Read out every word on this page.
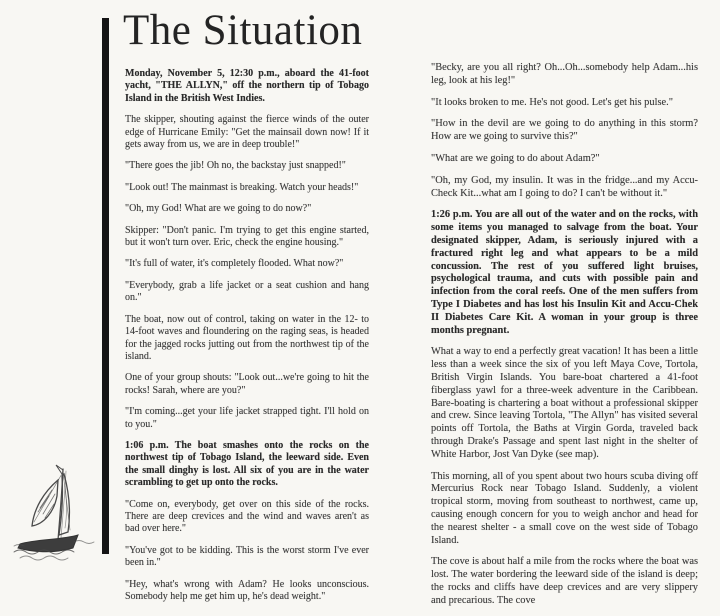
The Situation

Monday, November 5, 12:30 p.m., aboard the 41-foot yacht, "THE ALLYN," off the northern tip of Tobago Island in the British West Indies.

The skipper, shouting against the fierce winds of the outer edge of Hurricane Emily: "Get the mainsail down now! If it gets away from us, we are in deep trouble!"

"There goes the jib! Oh no, the backstay just snapped!"

"Look out! The mainmast is breaking. Watch your heads!"

"Oh, my God! What are we going to do now?"

Skipper: "Don't panic. I'm trying to get this engine started, but it won't turn over. Eric, check the engine housing."

"It's full of water, it's completely flooded. What now?"

"Everybody, grab a life jacket or a seat cushion and hang on."

The boat, now out of control, taking on water in the 12- to 14-foot waves and floundering on the raging seas, is headed for the jagged rocks jutting out from the northwest tip of the island.

One of your group shouts: "Look out...we're going to hit the rocks! Sarah, where are you?"

"I'm coming...get your life jacket strapped tight. I'll hold on to you."

1:06 p.m. The boat smashes onto the rocks on the northwest tip of Tobago Island, the leeward side. Even the small dinghy is lost. All six of you are in the water scrambling to get up onto the rocks.

"Come on, everybody, get over on this side of the rocks. There are deep crevices and the wind and waves aren't as bad over here."

"You've got to be kidding. This is the worst storm I've ever been in."

"Hey, what's wrong with Adam? He looks unconscious. Somebody help me get him up, he's dead weight."

"Becky, are you all right? Oh...Oh...somebody help Adam...his leg, look at his leg!"

"It looks broken to me. He's not good. Let's get his pulse."

"How in the devil are we going to do anything in this storm? How are we going to survive this?"

"What are we going to do about Adam?"

"Oh, my God, my insulin. It was in the fridge...and my Accu-Check Kit...what am I going to do? I can't be without it."

1:26 p.m. You are all out of the water and on the rocks, with some items you managed to salvage from the boat. Your designated skipper, Adam, is seriously injured with a fractured right leg and what appears to be a mild concussion. The rest of you suffered light bruises, psychological trauma, and cuts with possible pain and infection from the coral reefs. One of the men suffers from Type I Diabetes and has lost his Insulin Kit and Accu-Chek II Diabetes Care Kit. A woman in your group is three months pregnant.

What a way to end a perfectly great vacation! It has been a little less than a week since the six of you left Maya Cove, Tortola, British Virgin Islands. You bare-boat chartered a 41-foot fiberglass yawl for a three-week adventure in the Caribbean. Bare-boating is chartering a boat without a professional skipper and crew. Since leaving Tortola, "The Allyn" has visited several points off Tortola, the Baths at Virgin Gorda, traveled back through Drake's Passage and spent last night in the shelter of White Harbor, Jost Van Dyke (see map).

This morning, all of you spent about two hours scuba diving off Mercurius Rock near Tobago Island. Suddenly, a violent tropical storm, moving from southeast to northwest, came up, causing enough concern for you to weigh anchor and head for the nearest shelter - a small cove on the west side of Tobago Island.

The cove is about half a mile from the rocks where the boat was lost. The water bordering the leeward side of the island is deep; the rocks and cliffs have deep crevices and are very slippery and precarious. The cove
